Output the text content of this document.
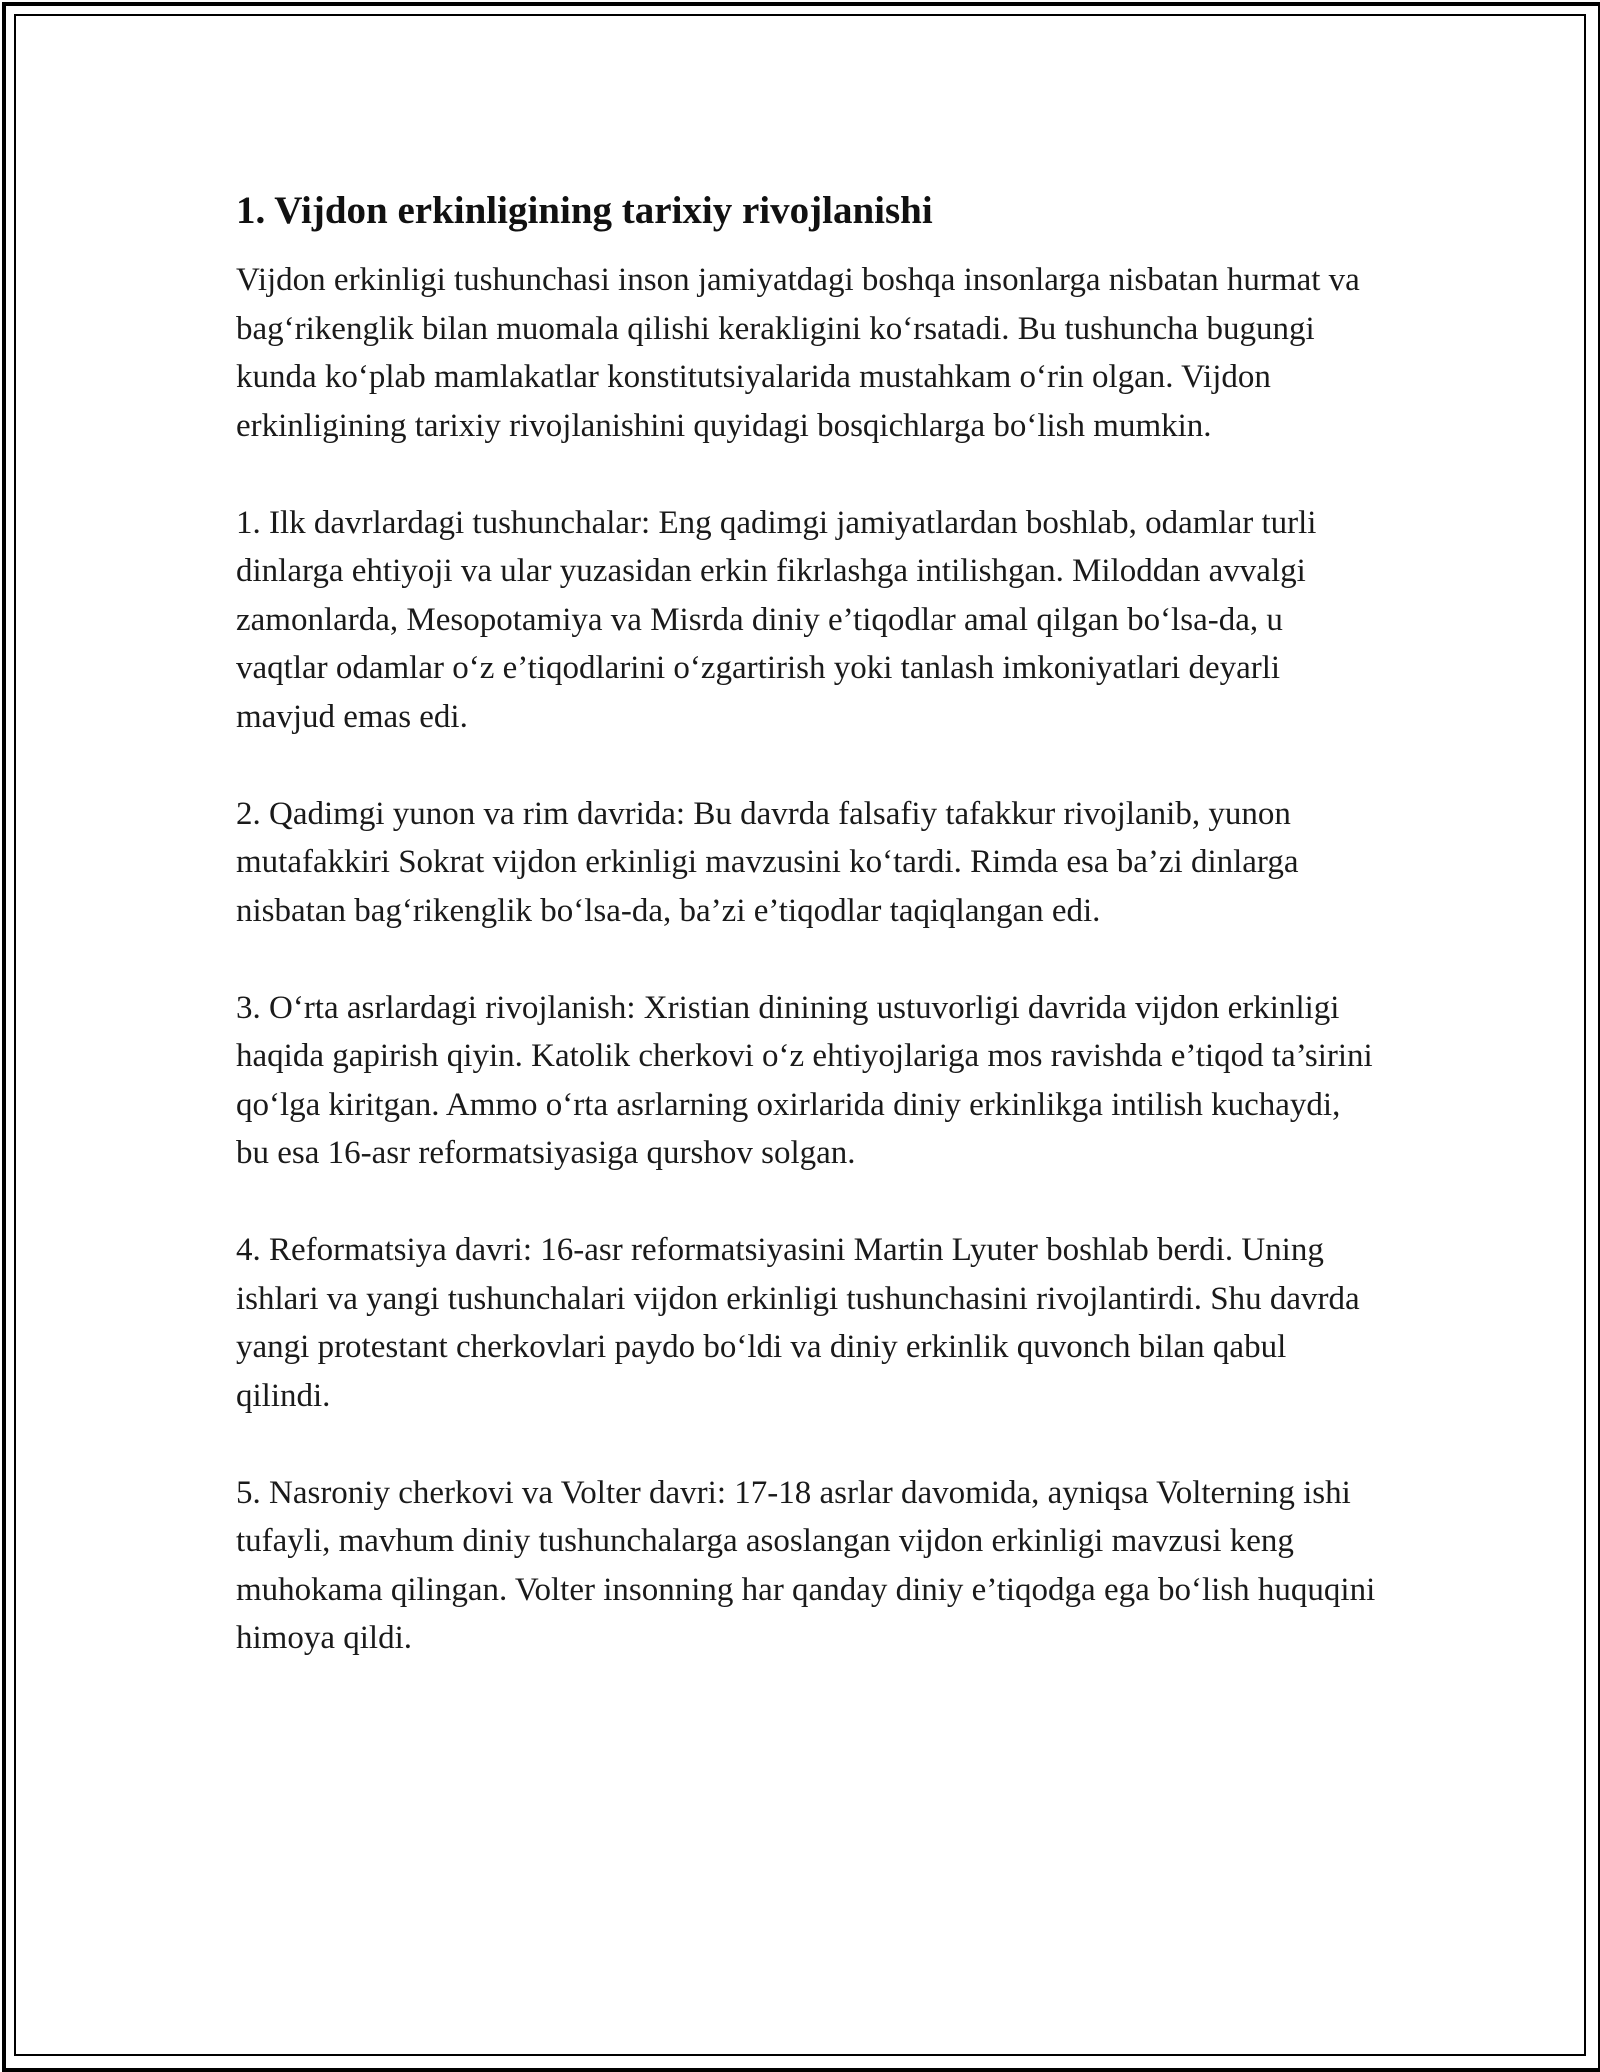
1. Vijdon erkinligining tarixiy rivojlanishi

Vijdon erkinligi tushunchasi inson jamiyatdagi boshqa insonlarga nisbatan hurmat va bag‘rikenglik bilan muomala qilishi kerakligini ko‘rsatadi. Bu tushuncha bugungi kunda ko‘plab mamlakatlar konstitutsiyalarida mustahkam o‘rin olgan. Vijdon erkinligining tarixiy rivojlanishini quyidagi bosqichlarga bo‘lish mumkin.

1. Ilk davrlardagi tushunchalar: Eng qadimgi jamiyatlardan boshlab, odamlar turli dinlarga ehtiyoji va ular yuzasidan erkin fikrlashga intilishgan. Miloddan avvalgi zamonlarda, Mesopotamiya va Misrda diniy e’tiqodlar amal qilgan bo‘lsa-da, u vaqtlar odamlar o‘z e’tiqodlarini o‘zgartirish yoki tanlash imkoniyatlari deyarli mavjud emas edi.

2. Qadimgi yunon va rim davrida: Bu davrda falsafiy tafakkur rivojlanib, yunon mutafakkiri Sokrat vijdon erkinligi mavzusini ko‘tardi. Rimda esa ba’zi dinlarga nisbatan bag‘rikenglik bo‘lsa-da, ba’zi e’tiqodlar taqiqlangan edi.

3. O‘rta asrlardagi rivojlanish: Xristian dinining ustuvorligi davrida vijdon erkinligi haqida gapirish qiyin. Katolik cherkovi o‘z ehtiyojlariga mos ravishda e’tiqod ta’sirini qo‘lga kiritgan. Ammo o‘rta asrlarning oxirlarida diniy erkinlikga intilish kuchaydi, bu esa 16-asr reformatsiyasiga qurshov solgan.

4. Reformatsiya davri: 16-asr reformatsiyasini Martin Lyuter boshlab berdi. Uning ishlari va yangi tushunchalari vijdon erkinligi tushunchasini rivojlantirdi. Shu davrda yangi protestant cherkovlari paydo bo‘ldi va diniy erkinlik quvonch bilan qabul qilindi.

5. Nasroniy cherkovi va Volter davri: 17-18 asrlar davomida, ayniqsa Volterning ishi tufayli, mavhum diniy tushunchalarga asoslangan vijdon erkinligi mavzusi keng muhokama qilingan. Volter insonning har qanday diniy e’tiqodga ega bo‘lish huquqini himoya qildi.
